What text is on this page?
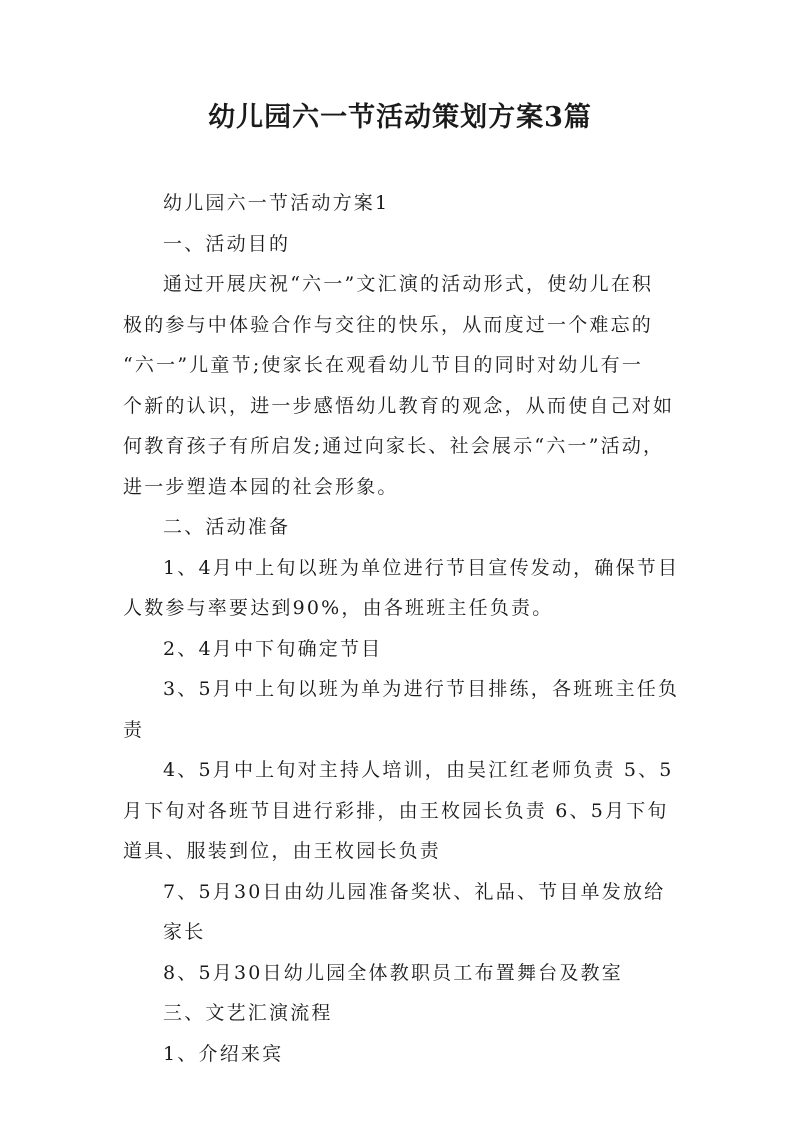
幼儿园六一节活动策划方案3篇
幼儿园六一节活动方案1
一、活动目的
通过开展庆祝“六一”文汇演的活动形式，使幼儿在积
极的参与中体验合作与交往的快乐，从而度过一个难忘的
“六一”儿童节;使家长在观看幼儿节目的同时对幼儿有一
个新的认识，进一步感悟幼儿教育的观念，从而使自己对如
何教育孩子有所启发;通过向家长、社会展示“六一”活动，
进一步塑造本园的社会形象。
二、活动准备
1、4月中上旬以班为单位进行节目宣传发动，确保节目
人数参与率要达到90%，由各班班主任负责。
2、4月中下旬确定节目
3、5月中上旬以班为单为进行节目排练，各班班主任负
责
4、5月中上旬对主持人培训，由吴江红老师负责 5、5
月下旬对各班节目进行彩排，由王枚园长负责 6、5月下旬
道具、服装到位，由王枚园长负责
7、5月30日由幼儿园准备奖状、礼品、节目单发放给
家长
8、5月30日幼儿园全体教职员工布置舞台及教室
三、文艺汇演流程
1、介绍来宾
